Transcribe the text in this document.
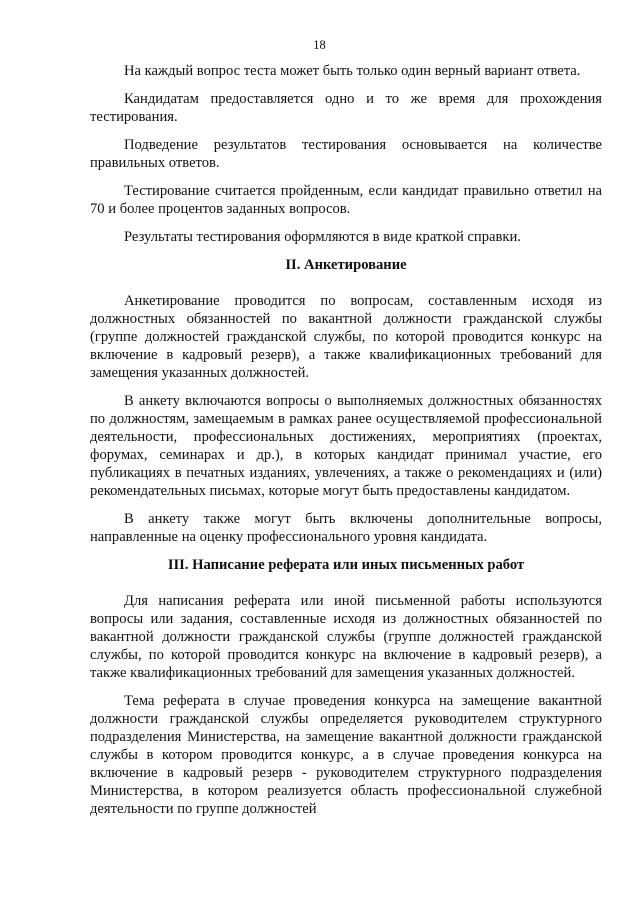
18

На каждый вопрос теста может быть только один верный вариант ответа.

Кандидатам предоставляется одно и то же время для прохождения тестирования.

Подведение результатов тестирования основывается на количестве правильных ответов.

Тестирование считается пройденным, если кандидат правильно ответил на 70 и более процентов заданных вопросов.

Результаты тестирования оформляются в виде краткой справки.

II. Анкетирование

Анкетирование проводится по вопросам, составленным исходя из должностных обязанностей по вакантной должности гражданской службы (группе должностей гражданской службы, по которой проводится конкурс на включение в кадровый резерв), а также квалификационных требований для замещения указанных должностей.

В анкету включаются вопросы о выполняемых должностных обязанностях по должностям, замещаемым в рамках ранее осуществляемой профессиональной деятельности, профессиональных достижениях, мероприятиях (проектах, форумах, семинарах и др.), в которых кандидат принимал участие, его публикациях в печатных изданиях, увлечениях, а также о рекомендациях и (или) рекомендательных письмах, которые могут быть предоставлены кандидатом.

В анкету также могут быть включены дополнительные вопросы, направленные на оценку профессионального уровня кандидата.

III. Написание реферата или иных письменных работ

Для написания реферата или иной письменной работы используются вопросы или задания, составленные исходя из должностных обязанностей по вакантной должности гражданской службы (группе должностей гражданской службы, по которой проводится конкурс на включение в кадровый резерв), а также квалификационных требований для замещения указанных должностей.

Тема реферата в случае проведения конкурса на замещение вакантной должности гражданской службы определяется руководителем структурного подразделения Министерства, на замещение вакантной должности гражданской службы в котором проводится конкурс, а в случае проведения конкурса на включение в кадровый резерв - руководителем структурного подразделения Министерства, в котором реализуется область профессиональной служебной деятельности по группе должностей
